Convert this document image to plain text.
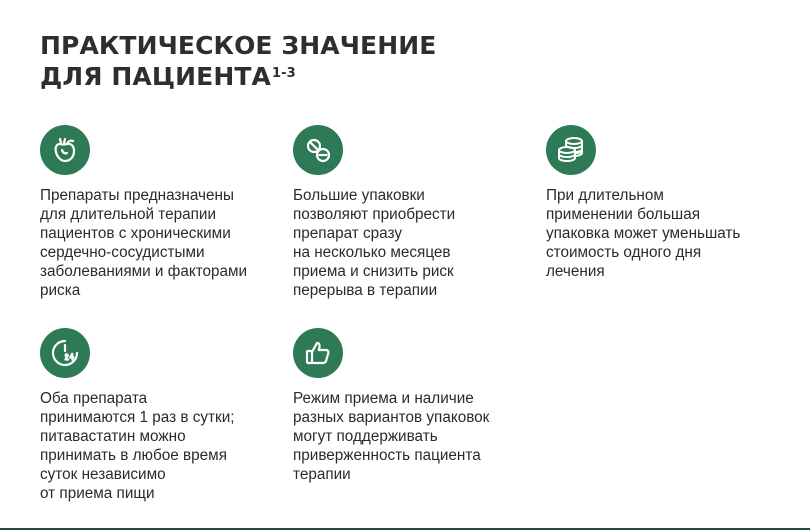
ПРАКТИЧЕСКОЕ ЗНАЧЕНИЕ
ДЛЯ ПАЦИЕНТА$^{1-3}$
Препараты предназначены
для длительной терапии
пациентов с хроническими
сердечно-сосудистыми
заболеваниями и факторами
риска
Большие упаковки
позволяют приобрести
препарат сразу
на несколько месяцев
приема и снизить риск
перерыва в терапии
При длительном
применении большая
упаковка может уменьшать
стоимость одного дня
лечения
Оба препарата
принимаются 1 раз в сутки;
питавастатин можно
принимать в любое время
суток независимо
от приема пищи
Режим приема и наличие
разных вариантов упаковок
могут поддерживать
приверженность пациента
терапии
